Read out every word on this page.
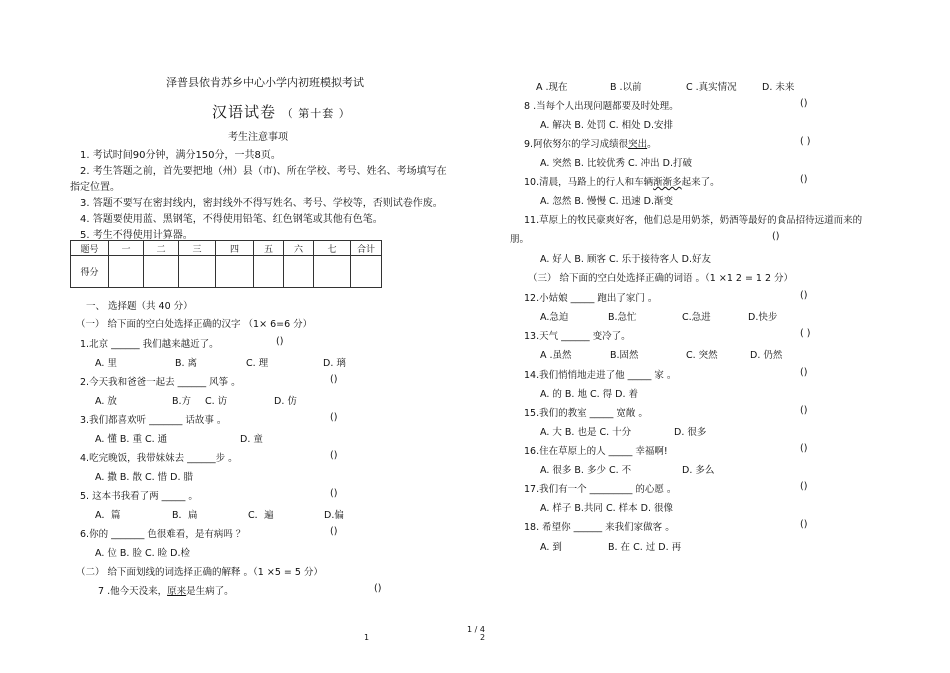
泽普县依肯苏乡中心小学内初班模拟考试
汉语试卷 （ 第十套 ）
考生注意事项
1. 考试时间90分钟，满分150分，一共8页。
2. 考生答题之前，首先要把地（州）县（市)、所在学校、考号、姓名、考场填写在
指定位置。
3. 答题不要写在密封线内，密封线外不得写姓名、考号、学校等，否则试卷作废。
4. 答题要使用蓝、黑钢笔，不得使用铅笔、红色钢笔或其他有色笔。
5. 考生不得使用计算器。
题号	一	二	三	四	五	六	七	合计
得分								
一、 选择题（共 40 分）
（一） 给下面的空白处选择正确的汉字 （1× 6=6 分）
1.北京 ______ 我们越来越近了。	()
A. 里	B. 离	C. 理	D. 璃
2.今天我和爸爸一起去 ______ 风筝 。	()
A. 放	B.方 C. 访	D. 仿
3.我们都喜欢听 _______ 话故事 。	()
A. 懂 B. 重 C. 通	D. 童
4.吃完晚饭，我带妹妹去 ______步 。	()
A. 撒 B. 散 C. 惜 D. 腊
5. 这本书我看了两 _____ 。	()
A．篇	B．扁	C．遍	D.偏
6.你的 _______ 色很难看，是有病吗 ？	()
A. 位 B. 脸 C. 睑 D.检
（二） 给下面划线的词选择正确的解释 。（1 ×5 = 5 分）
7 .他今天没来，原来是生病了。	()
A .现在	B .以前	C .真实情况	D. 未来
8 .当每个人出现问题都要及时处理。	()
A. 解决 B. 处罚 C. 相处 D.安排
9.阿依努尔的学习成绩很突出。	( )
A. 突然 B. 比较优秀 C. 冲出 D.打破
10.清晨，马路上的行人和车辆渐渐多起来了。	()
A. 忽然 B. 慢慢 C. 迅速 D.渐变
11.草原上的牧民豪爽好客，他们总是用奶茶，奶酒等最好的食品招待远道而来的
朋。	()
A. 好人 B. 顾客 C. 乐于接待客人 D.好友
（三） 给下面的空白处选择正确的词语 。（1 ×1 2 = 1 2 分）
12.小姑娘 _____ 跑出了家门 。	()
A.急迫	B.急忙	C.急进	D.快步
13.天气 ______ 变冷了。	( )
A .虽然	B.固然	C. 突然	D. 仍然
14.我们悄悄地走进了他 _____ 家 。	()
A. 的 B. 地 C. 得 D. 着
15.我们的教室 _____ 宽敞 。	()
A. 大 B. 也是 C. 十分	D. 很多
16.住在草原上的人 _____ 幸福啊!	()
A. 很多 B. 多少 C. 不	D. 多么
17.我们有一个 _________ 的心愿 。	()
A. 样子 B.共同 C. 样本 D. 很像
18. 希望你 ______ 来我们家做客 。	()
A. 到	B. 在 C. 过 D. 再
1 / 4
1	2
